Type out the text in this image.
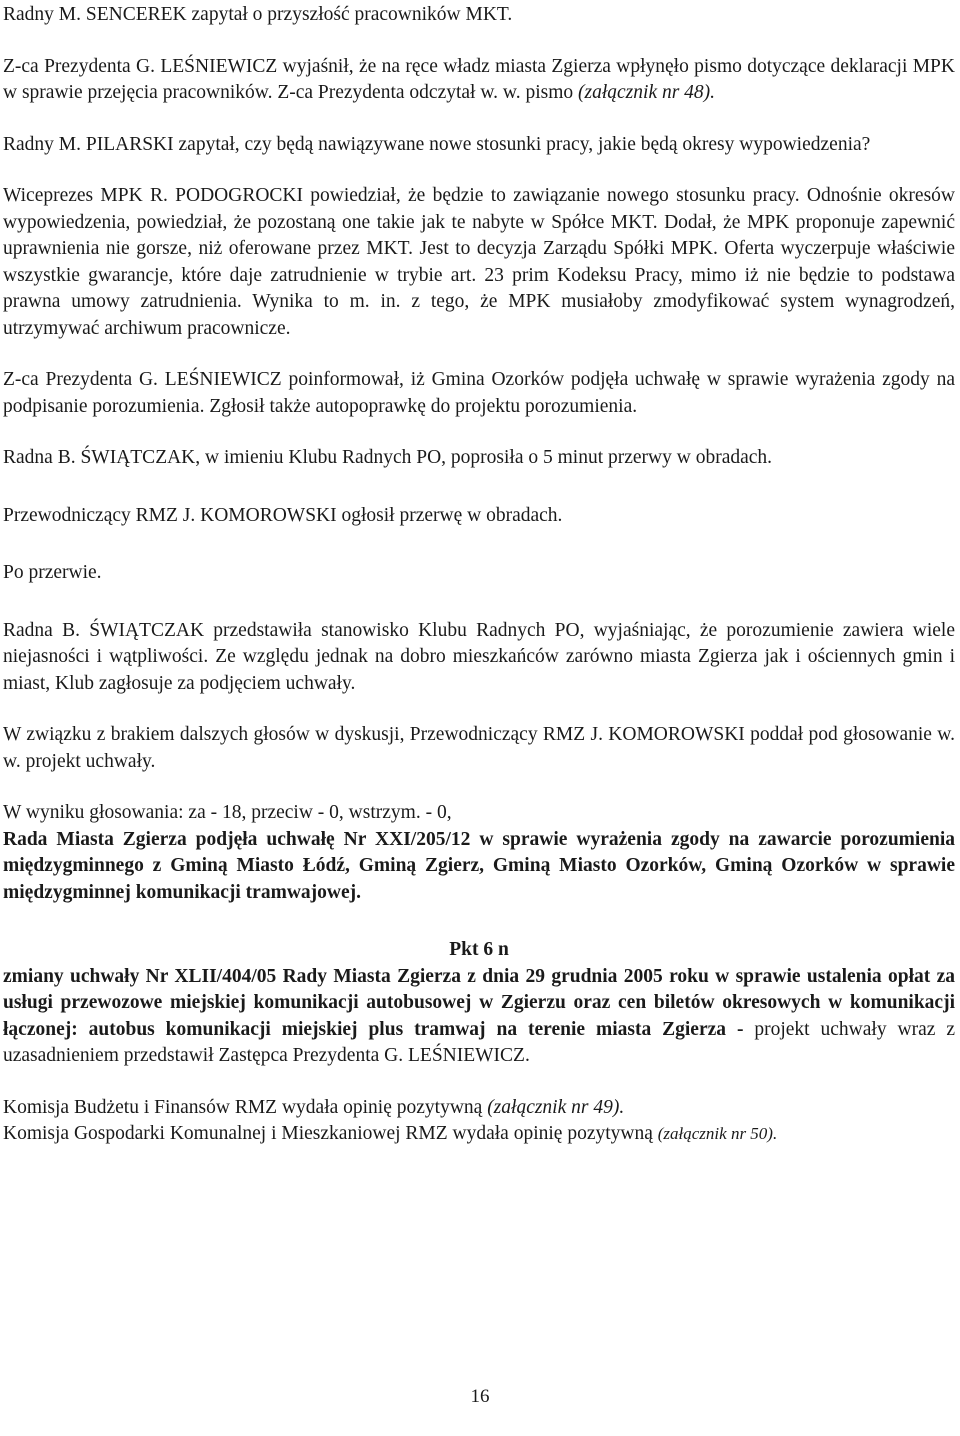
Radny M. SENCEREK zapytał o przyszłość pracowników MKT.

Z-ca Prezydenta G. LEŚNIEWICZ wyjaśnił, że na ręce władz miasta Zgierza wpłynęło pismo dotyczące deklaracji MPK w sprawie przejęcia pracowników. Z-ca Prezydenta odczytał w. w. pismo (załącznik nr 48).

Radny M. PILARSKI zapytał, czy będą nawiązywane nowe stosunki pracy, jakie będą okresy wypowiedzenia?

Wiceprezes MPK R. PODOGROCKI powiedział, że będzie to zawiązanie nowego stosunku pracy. Odnośnie okresów wypowiedzenia, powiedział, że pozostaną one takie jak te nabyte w Spółce MKT. Dodał, że MPK proponuje zapewnić uprawnienia nie gorsze, niż oferowane przez MKT. Jest to decyzja Zarządu Spółki MPK. Oferta wyczerpuje właściwie wszystkie gwarancje, które daje zatrudnienie w trybie art. 23 prim Kodeksu Pracy, mimo iż nie będzie to podstawa prawna umowy zatrudnienia. Wynika to m. in. z tego, że MPK musiałoby zmodyfikować system wynagrodzeń, utrzymywać archiwum pracownicze.

Z-ca Prezydenta G. LEŚNIEWICZ poinformował, iż Gmina Ozorków podjęła uchwałę w sprawie wyrażenia zgody na podpisanie porozumienia. Zgłosił także autopoprawkę do projektu porozumienia.

Radna B. ŚWIĄTCZAK, w imieniu Klubu Radnych PO, poprosiła o 5 minut przerwy w obradach.

Przewodniczący RMZ J. KOMOROWSKI ogłosił przerwę w obradach.

Po przerwie.

Radna B. ŚWIĄTCZAK przedstawiła stanowisko Klubu Radnych PO, wyjaśniając, że porozumienie zawiera wiele niejasności i wątpliwości. Ze względu jednak na dobro mieszkańców zarówno miasta Zgierza jak i ościennych gmin i miast, Klub zagłosuje za podjęciem uchwały.

W związku z brakiem dalszych głosów w dyskusji, Przewodniczący RMZ J. KOMOROWSKI poddał pod głosowanie w. w. projekt uchwały.

W wyniku głosowania: za - 18, przeciw - 0, wstrzym. - 0,

Rada Miasta Zgierza podjęła uchwałę Nr XXI/205/12 w sprawie wyrażenia zgody na zawarcie porozumienia międzygminnego z Gminą Miasto Łódź, Gminą Zgierz, Gminą Miasto Ozorków, Gminą Ozorków w sprawie międzygminnej komunikacji tramwajowej.

Pkt 6 n

zmiany uchwały Nr XLII/404/05 Rady Miasta Zgierza z dnia 29 grudnia 2005 roku w sprawie ustalenia opłat za usługi przewozowe miejskiej komunikacji autobusowej w Zgierzu oraz cen biletów okresowych w komunikacji łączonej: autobus komunikacji miejskiej plus tramwaj na terenie miasta Zgierza - projekt uchwały wraz z uzasadnieniem przedstawił Zastępca Prezydenta G. LEŚNIEWICZ.

Komisja Budżetu i Finansów RMZ wydała opinię pozytywną (załącznik nr 49).

Komisja Gospodarki Komunalnej i Mieszkaniowej RMZ wydała opinię pozytywną (załącznik nr 50).

16
